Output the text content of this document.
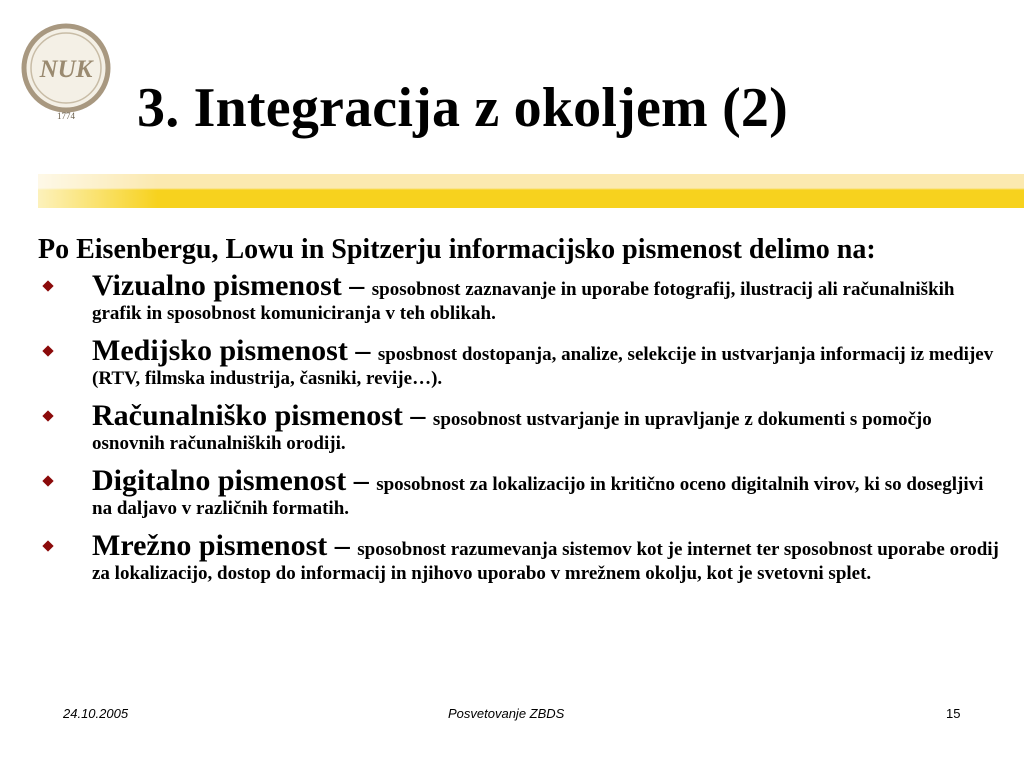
NUK
1774 3. Integracija z okoljem (2)

Po Eisenbergu, Lowu in Spitzerju informacijsko pismenost delimo na:

Vizualno pismenost – sposobnost zaznavanje in uporabe fotografij, ilustracij ali računalniških grafik in sposobnost komuniciranja v teh oblikah.
Medijsko pismenost – sposbnost dostopanja, analize, selekcije in ustvarjanja informacij iz medijev (RTV, filmska industrija, časniki, revije…).
Računalniško pismenost – sposobnost ustvarjanje in upravljanje z dokumenti s pomočjo osnovnih računalniških orodiji.
Digitalno pismenost – sposobnost za lokalizacijo in kritično oceno digitalnih virov, ki so dosegljivi na daljavo v različnih formatih.
Mrežno pismenost – sposobnost razumevanja sistemov kot je internet ter sposobnost uporabe orodij za lokalizacijo, dostop do informacij in njihovo uporabo v mrežnem okolju, kot je svetovni splet.
24.10.2005	Posvetovanje ZBDS	15
